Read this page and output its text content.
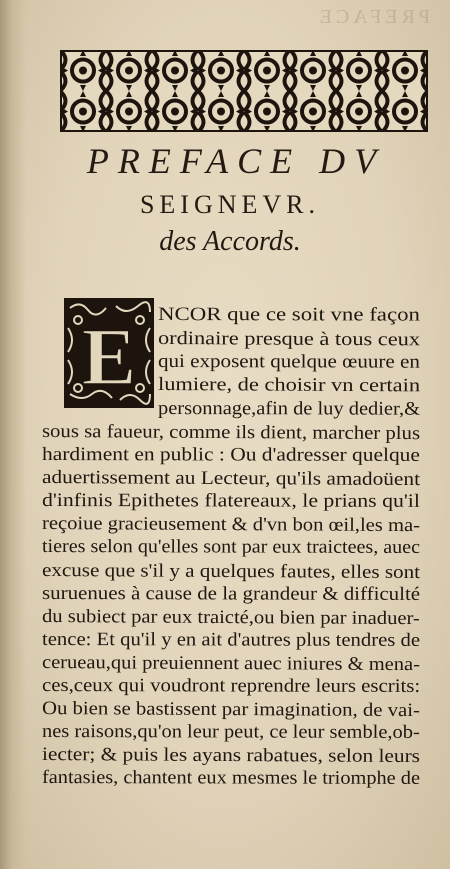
PREFACE
PREFACE DV
SEIGNEVR.
des Accords.
E NCOR que ce soit vne façon
ordinaire presque à tous ceux
qui exposent quelque œuure en
lumiere, de choisir vn certain
personnage,afin de luy dedier,&
sous sa faueur, comme ils dient, marcher plus
hardiment en public : Ou d'adresser quelque
aduertissement au Lecteur, qu'ils amadoüent
d'infinis Epithetes flatereaux, le prians qu'il
reçoiue gracieusement & d'vn bon œil,les ma-
tieres selon qu'elles sont par eux traictees, auec
excuse que s'il y a quelques fautes, elles sont
suruenues à cause de la grandeur & difficulté
du subiect par eux traicté,ou bien par inaduer-
tence: Et qu'il y en ait d'autres plus tendres de
cerueau,qui preuiennent auec iniures & mena-
ces,ceux qui voudront reprendre leurs escrits:
Ou bien se bastissent par imagination, de vai-
nes raisons,qu'on leur peut, ce leur semble,ob-
iecter; & puis les ayans rabatues, selon leurs
fantasies, chantent eux mesmes le triomphe de
